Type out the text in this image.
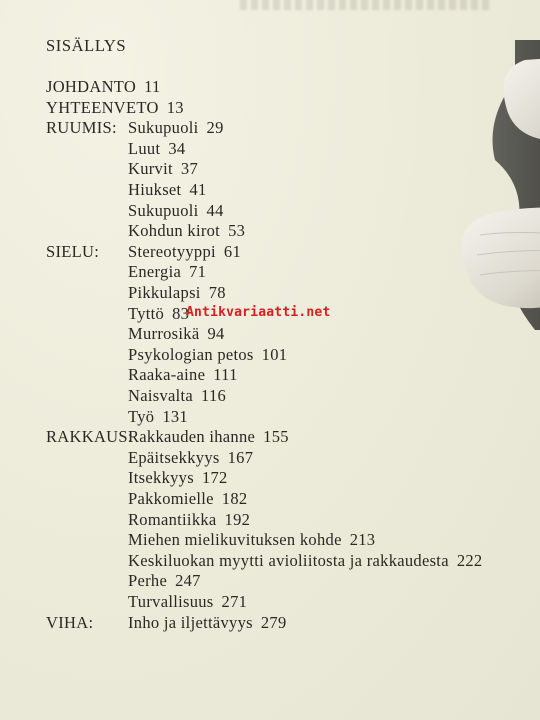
SISÄLLYS
JOHDANTO 11
YHTEENVETO 13
RUUMIS: Sukupuoli 29
Luut 34
Kurvit 37
Hiukset 41
Sukupuoli 44
Kohdun kirot 53
SIELU: Stereotyyppi 61
Energia 71
Pikkulapsi 78
Tyttö 83
Murrosikä 94
Psykologian petos 101
Raaka-aine 111
Naisvalta 116
Työ 131
RAKKAUS:
Rakkauden ihanne 155
Epäitsekkyys 167
Itsekkyys 172
Pakkomielle 182
Romantiikka 192
Miehen mielikuvituksen kohde 213
Keskiluokan myytti avioliitosta ja rakkaudesta 222
Perhe 247
Turvallisuus 271
VIHA: Inho ja iljettävyys 279
Antikvariaatti.net
